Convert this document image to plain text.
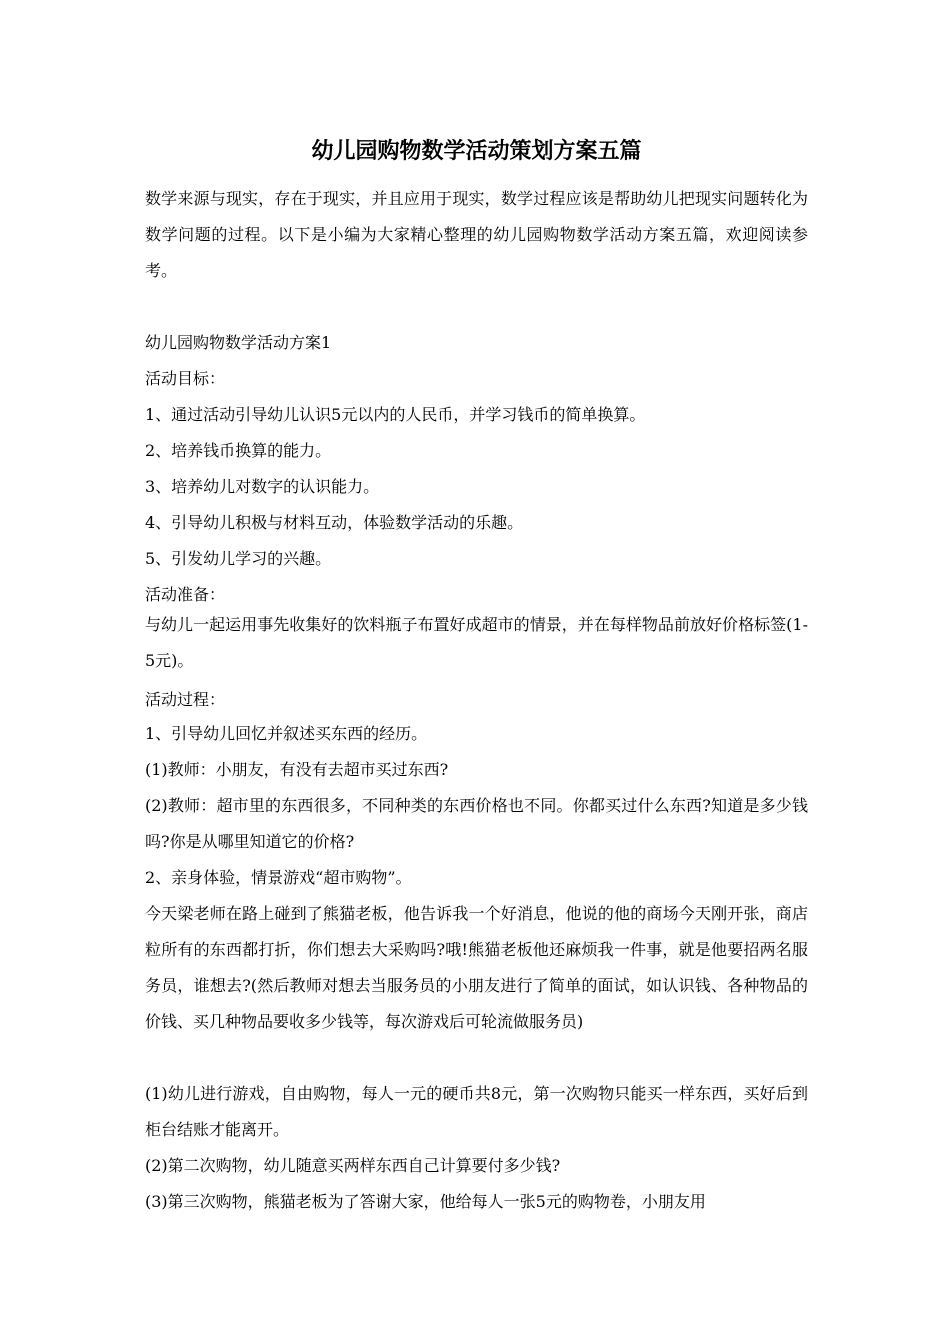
幼儿园购物数学活动策划方案五篇

数学来源与现实，存在于现实，并且应用于现实，数学过程应该是帮助幼儿把现实问题转化为数学问题的过程。以下是小编为大家精心整理的幼儿园购物数学活动方案五篇，欢迎阅读参考。

幼儿园购物数学活动方案1

活动目标：

1、通过活动引导幼儿认识5元以内的人民币，并学习钱币的简单换算。

2、培养钱币换算的能力。

3、培养幼儿对数字的认识能力。

4、引导幼儿积极与材料互动，体验数学活动的乐趣。

5、引发幼儿学习的兴趣。

活动准备：

与幼儿一起运用事先收集好的饮料瓶子布置好成超市的情景，并在每样物品前放好价格标签(1-5元)。

活动过程：

1、引导幼儿回忆并叙述买东西的经历。

(1)教师：小朋友，有没有去超市买过东西?

(2)教师：超市里的东西很多，不同种类的东西价格也不同。你都买过什么东西?知道是多少钱吗?你是从哪里知道它的价格?

2、亲身体验，情景游戏“超市购物”。

今天梁老师在路上碰到了熊猫老板，他告诉我一个好消息，他说的他的商场今天刚开张，商店粒所有的东西都打折，你们想去大采购吗?哦!熊猫老板他还麻烦我一件事，就是他要招两名服务员，谁想去?(然后教师对想去当服务员的小朋友进行了简单的面试，如认识钱、各种物品的价钱、买几种物品要收多少钱等，每次游戏后可轮流做服务员)

(1)幼儿进行游戏，自由购物，每人一元的硬币共8元，第一次购物只能买一样东西，买好后到柜台结账才能离开。

(2)第二次购物，幼儿随意买两样东西自己计算要付多少钱?

(3)第三次购物，熊猫老板为了答谢大家，他给每人一张5元的购物卷，小朋友用
